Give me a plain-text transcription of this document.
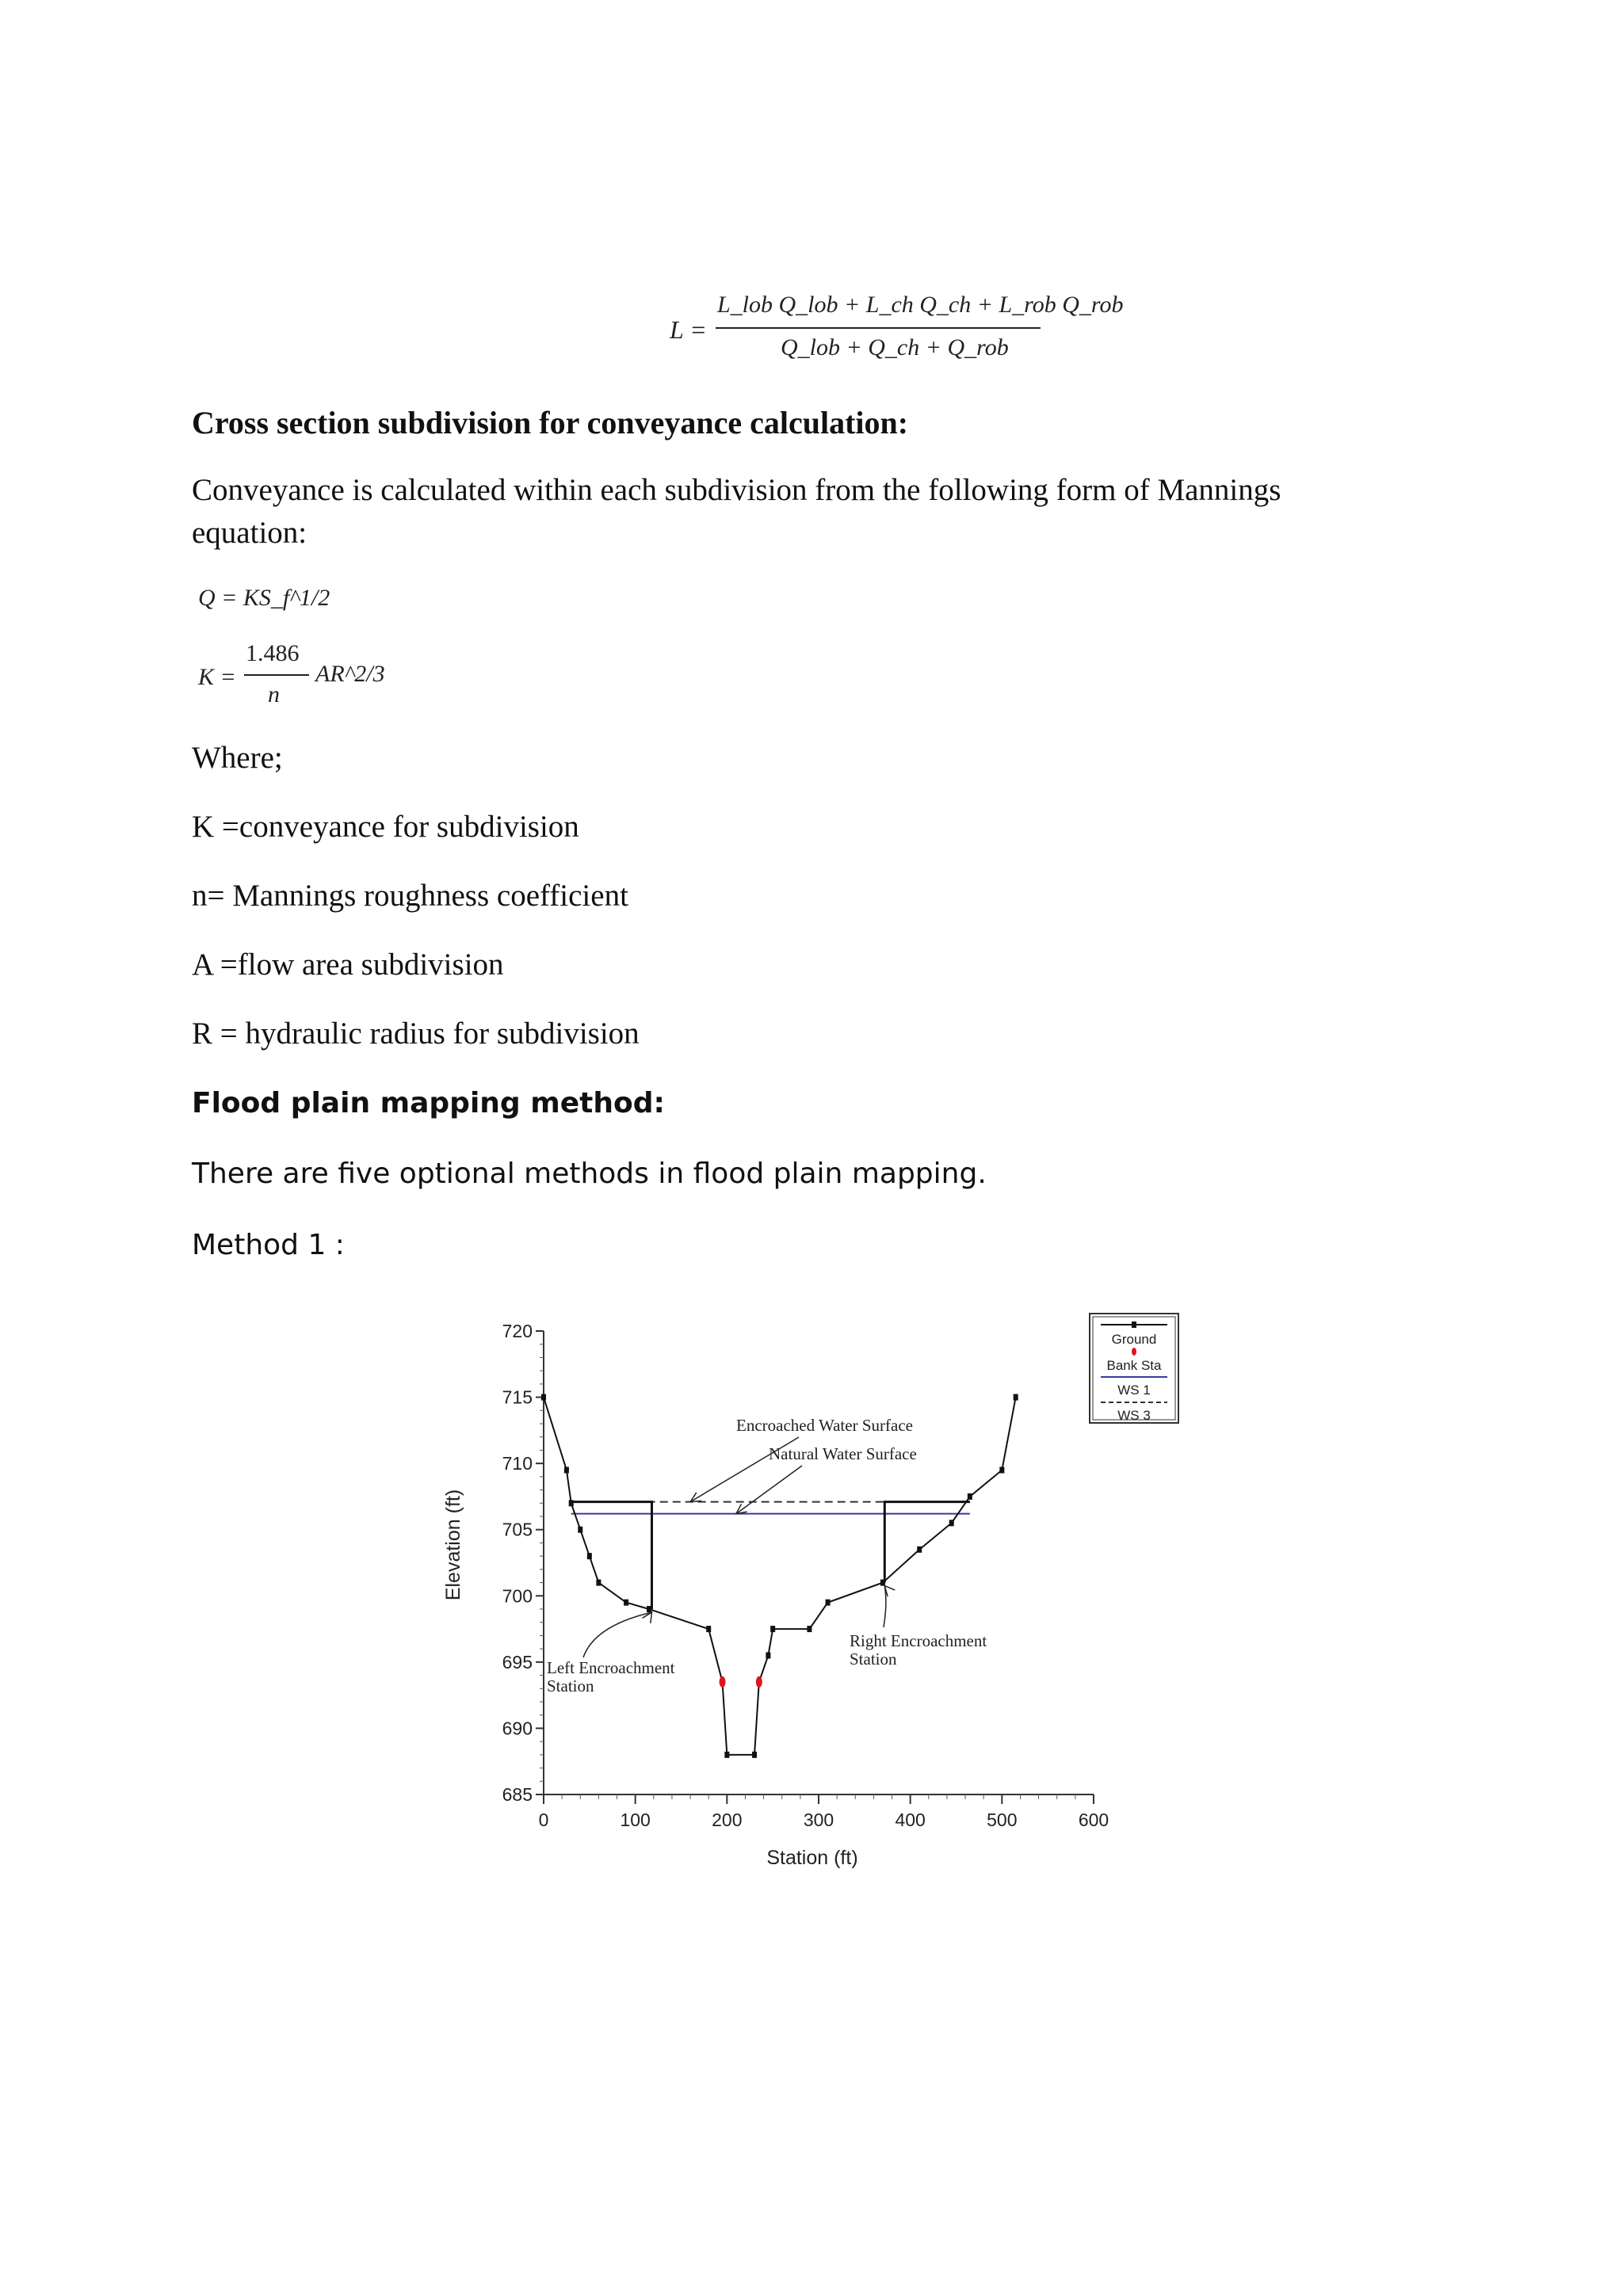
L =
L_lob Q_lob + L_ch Q_ch + L_rob Q_rob
Q_lob + Q_ch + Q_rob
Cross section subdivision for conveyance calculation:
Conveyance is calculated within each subdivision from the following form of Mannings equation:
Q = KS_f^1/2
K =
1.486
n
AR^2/3
Where;
K =conveyance for subdivision
n= Mannings roughness coefficient
A =flow area subdivision
R = hydraulic radius for subdivision
Flood plain mapping method:
There are five optional methods in flood plain mapping.
Method 1 :
685
690
695
700
705
710
715
720
0	100	200	300	400	500	600
Encroached Water Surface
Natural Water Surface
Left Encroachment
Station
Right Encroachment
Station
Station (ft)
Elevation (ft)
Ground
Bank Sta
WS 1
WS 3
